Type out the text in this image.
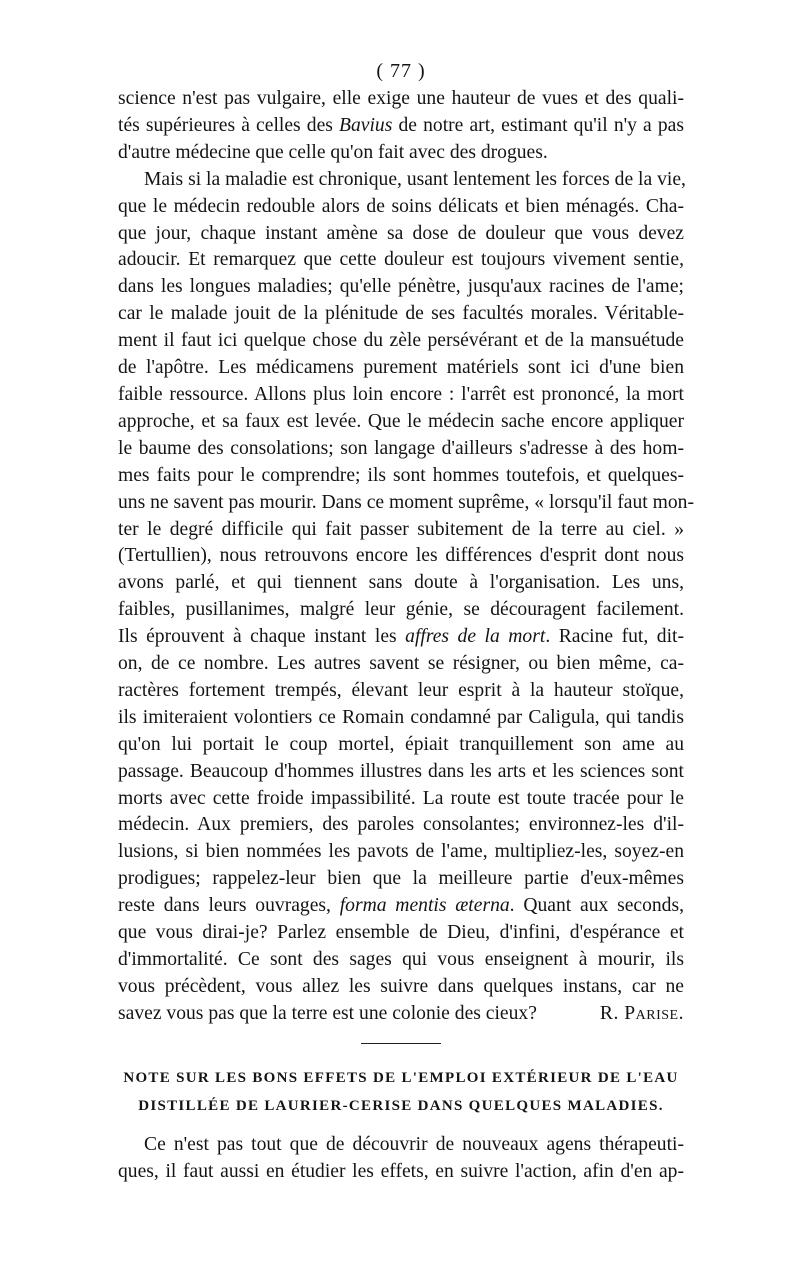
( 77 )

science n'est pas vulgaire, elle exige une hauteur de vues et des quali-
tés supérieures à celles des Bavius de notre art, estimant qu'il n'y a pas
d'autre médecine que celle qu'on fait avec des drogues.

Mais si la maladie est chronique, usant lentement les forces de la vie,
que le médecin redouble alors de soins délicats et bien ménagés. Cha-
que jour, chaque instant amène sa dose de douleur que vous devez
adoucir. Et remarquez que cette douleur est toujours vivement sentie,
dans les longues maladies; qu'elle pénètre, jusqu'aux racines de l'ame;
car le malade jouit de la plénitude de ses facultés morales. Véritable-
ment il faut ici quelque chose du zèle persévérant et de la mansuétude
de l'apôtre. Les médicamens purement matériels sont ici d'une bien
faible ressource. Allons plus loin encore : l'arrêt est prononcé, la mort
approche, et sa faux est levée. Que le médecin sache encore appliquer
le baume des consolations; son langage d'ailleurs s'adresse à des hom-
mes faits pour le comprendre; ils sont hommes toutefois, et quelques-
uns ne savent pas mourir. Dans ce moment suprême, « lorsqu'il faut mon-
ter le degré difficile qui fait passer subitement de la terre au ciel. »
(Tertullien), nous retrouvons encore les différences d'esprit dont nous
avons parlé, et qui tiennent sans doute à l'organisation. Les uns,
faibles, pusillanimes, malgré leur génie, se découragent facilement.
Ils éprouvent à chaque instant les affres de la mort. Racine fut, dit-
on, de ce nombre. Les autres savent se résigner, ou bien même, ca-
ractères fortement trempés, élevant leur esprit à la hauteur stoïque,
ils imiteraient volontiers ce Romain condamné par Caligula, qui tandis
qu'on lui portait le coup mortel, épiait tranquillement son ame au
passage. Beaucoup d'hommes illustres dans les arts et les sciences sont
morts avec cette froide impassibilité. La route est toute tracée pour le
médecin. Aux premiers, des paroles consolantes; environnez-les d'il-
lusions, si bien nommées les pavots de l'ame, multipliez-les, soyez-en
prodigues; rappelez-leur bien que la meilleure partie d'eux-mêmes
reste dans leurs ouvrages, forma mentis æterna. Quant aux seconds,
que vous dirai-je? Parlez ensemble de Dieu, d'infini, d'espérance et
d'immortalité. Ce sont des sages qui vous enseignent à mourir, ils
vous précèdent, vous allez les suivre dans quelques instans, car ne
savez vous pas que la terre est une colonie des cieux?	R. Parise.

NOTE SUR LES BONS EFFETS DE L'EMPLOI EXTÉRIEUR DE L'EAU
DISTILLÉE DE LAURIER-CERISE DANS QUELQUES MALADIES.

Ce n'est pas tout que de découvrir de nouveaux agens thérapeuti-
ques, il faut aussi en étudier les effets, en suivre l'action, afin d'en ap-
